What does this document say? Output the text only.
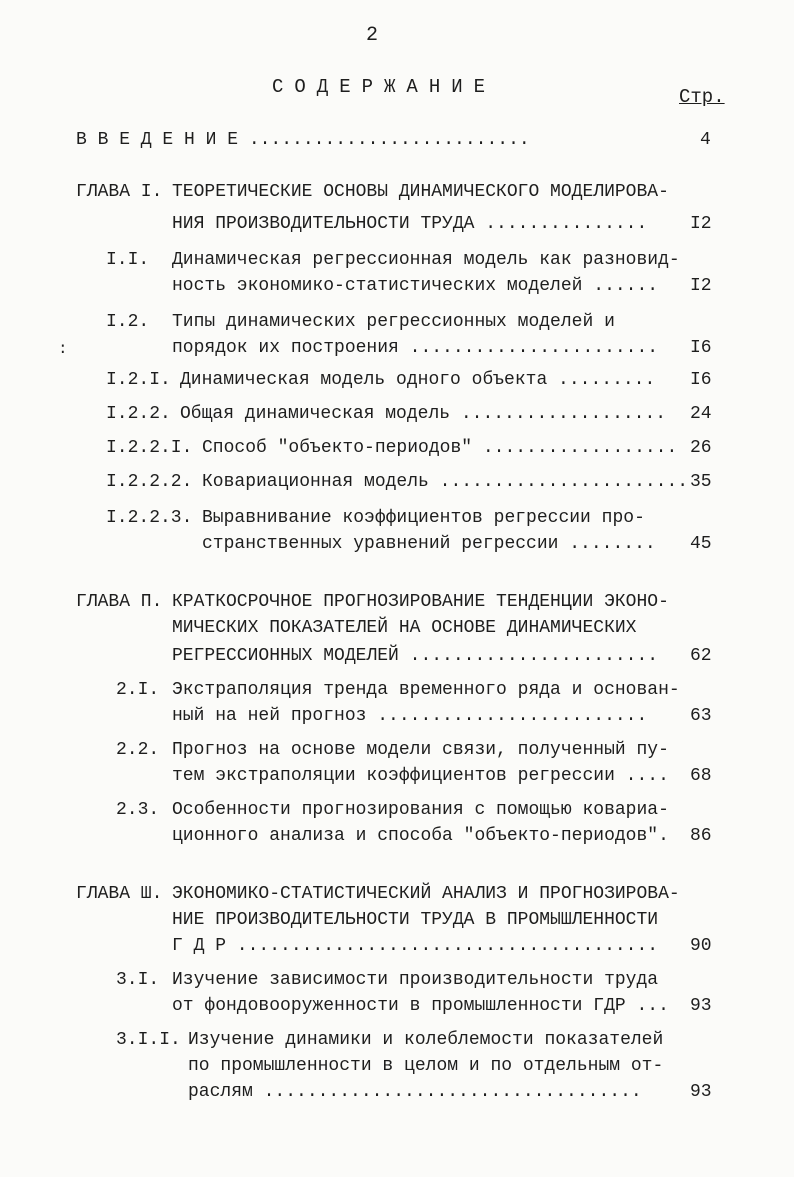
2
СОДЕРЖАНИЕ	Стр.
:
В В Е Д Е Н И Е ..........................	4
ГЛАВА I. ТЕОРЕТИЧЕСКИЕ ОСНОВЫ ДИНАМИЧЕСКОГО МОДЕЛИРОВА-
НИЯ ПРОИЗВОДИТЕЛЬНОСТИ ТРУДА ............... I2
I.I. Динамическая регрессионная модель как разновид-
ность экономико-статистических моделей ...... I2
I.2. Типы динамических регрессионных моделей и
порядок их построения ....................... I6
I.2.I. Динамическая модель одного объекта ......... I6
I.2.2. Общая динамическая модель ................... 24
I.2.2.I. Способ "объекто-периодов" .................. 26
I.2.2.2. Ковариационная модель ....................... 35
I.2.2.3. Выравнивание коэффициентов регрессии про-
странственных уравнений регрессии ........ 45
ГЛАВА П. КРАТКОСРОЧНОЕ ПРОГНОЗИРОВАНИЕ ТЕНДЕНЦИИ ЭКОНО-
МИЧЕСКИХ ПОКАЗАТЕЛЕЙ НА ОСНОВЕ ДИНАМИЧЕСКИХ
РЕГРЕССИОННЫХ МОДЕЛЕЙ ....................... 62
2.I. Экстраполяция тренда временного ряда и основан-
ный на ней прогноз ......................... 63
2.2. Прогноз на основе модели связи, полученный пу-
тем экстраполяции коэффициентов регрессии .... 68
2.3. Особенности прогнозирования с помощью ковариа-
ционного анализа и способа "объекто-периодов". 86
ГЛАВА Ш. ЭКОНОМИКО-СТАТИСТИЧЕСКИЙ АНАЛИЗ И ПРОГНОЗИРОВА-
НИЕ ПРОИЗВОДИТЕЛЬНОСТИ ТРУДА В ПРОМЫШЛЕННОСТИ
Г Д Р ....................................... 90
3.I. Изучение зависимости производительности труда
от фондовооруженности в промышленности ГДР ... 93
3.I.I. Изучение динамики и колеблемости показателей
по промышленности в целом и по отдельным от-
раслям ...................................	93
